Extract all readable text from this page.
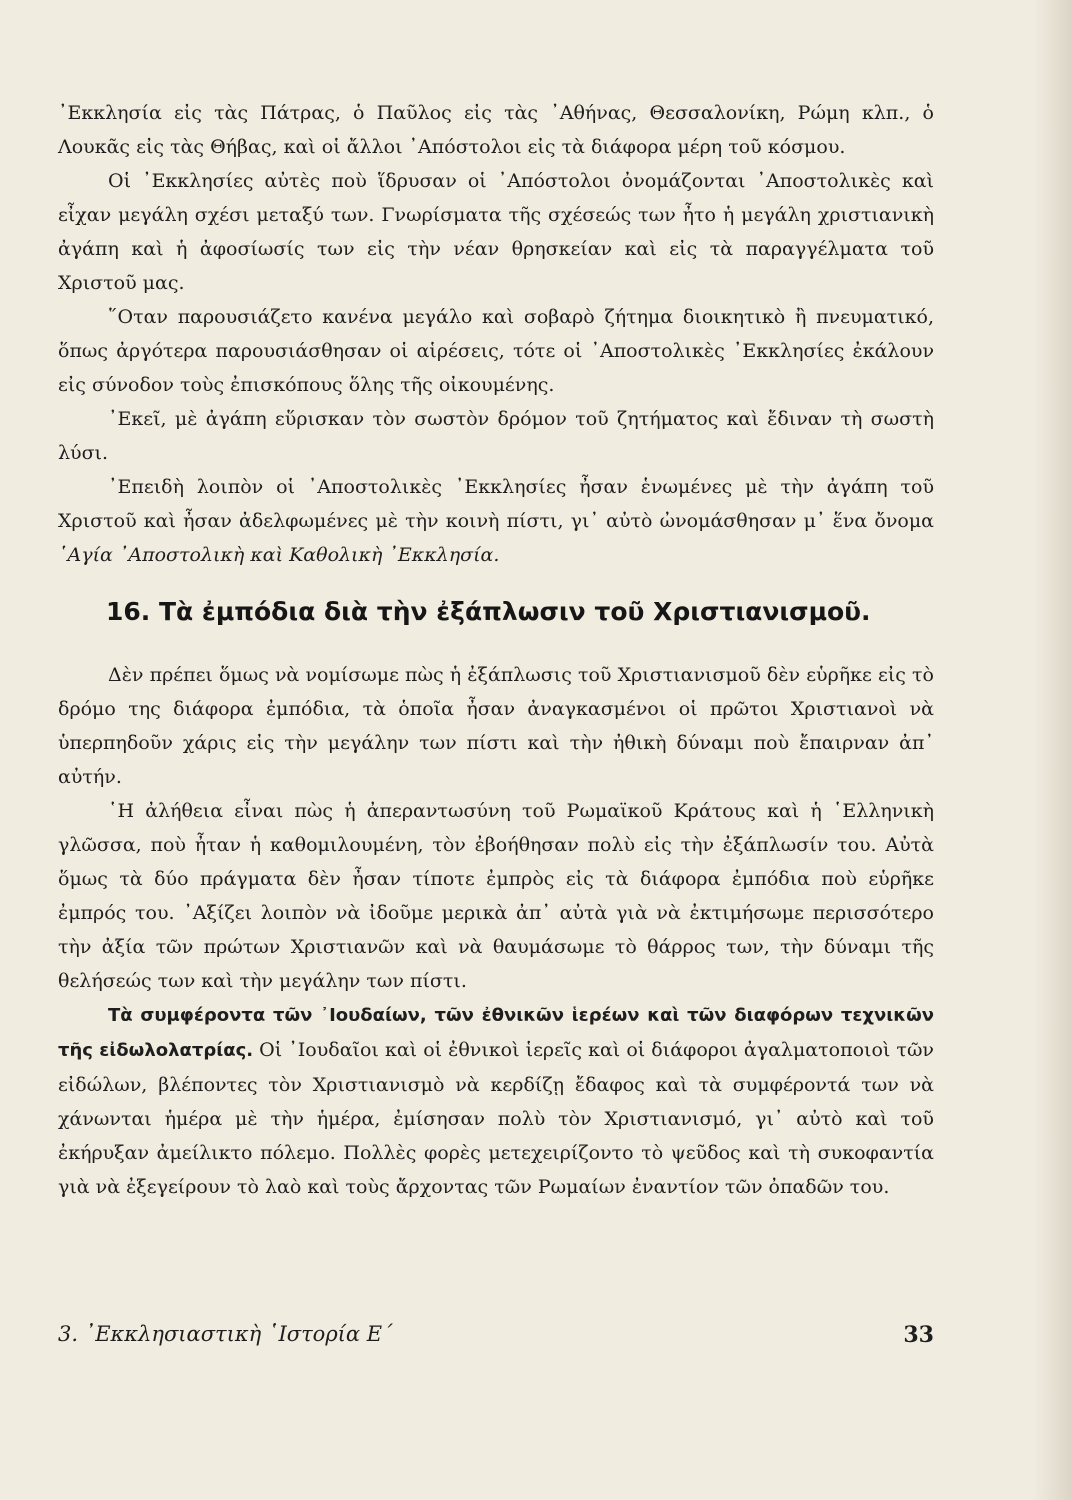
᾿Εκκλησία εἰς τὰς Πάτρας, ὁ Παῦλος εἰς τὰς ᾿Αθήνας, Θεσσαλονίκη, Ρώμη κλπ., ὁ Λουκᾶς εἰς τὰς Θήβας, καὶ οἱ ἄλλοι ᾿Απόστολοι εἰς τὰ διάφορα μέρη τοῦ κόσμου.

Οἱ ᾿Εκκλησίες αὐτὲς ποὺ ἵδρυσαν οἱ ᾿Απόστολοι ὀνομάζονται ᾿Αποστολικὲς καὶ εἶχαν μεγάλη σχέσι μεταξύ των. Γνωρίσματα τῆς σχέσεώς των ἦτο ἡ μεγάλη χριστιανικὴ ἀγάπη καὶ ἡ ἀφοσίωσίς των εἰς τὴν νέαν θρησκείαν καὶ εἰς τὰ παραγγέλματα τοῦ Χριστοῦ μας.

῞Οταν παρουσιάζετο κανένα μεγάλο καὶ σοβαρὸ ζήτημα διοικητικὸ ἢ πνευματικό, ὅπως ἀργότερα παρουσιάσθησαν οἱ αἱρέσεις, τότε οἱ ᾿Αποστολικὲς ᾿Εκκλησίες ἐκάλουν εἰς σύνοδον τοὺς ἐπισκόπους ὅλης τῆς οἰκουμένης.

᾿Εκεῖ, μὲ ἀγάπη εὕρισκαν τὸν σωστὸν δρόμον τοῦ ζητήματος καὶ ἔδιναν τὴ σωστὴ λύσι.

᾿Επειδὴ λοιπὸν οἱ ᾿Αποστολικὲς ᾿Εκκλησίες ἦσαν ἑνωμένες μὲ τὴν ἀγάπη τοῦ Χριστοῦ καὶ ἦσαν ἀδελφωμένες μὲ τὴν κοινὴ πίστι, γι᾿ αὐτὸ ὠνομάσθησαν μ᾿ ἕνα ὄνομα ῾Αγία ᾿Αποστολικὴ καὶ Καθολικὴ ᾿Εκκλησία.

16. Τὰ ἐμπόδια διὰ τὴν ἐξάπλωσιν τοῦ Χριστιανισμοῦ.

Δὲν πρέπει ὅμως νὰ νομίσωμε πὼς ἡ ἐξάπλωσις τοῦ Χριστιανισμοῦ δὲν εὑρῆκε εἰς τὸ δρόμο της διάφορα ἐμπόδια, τὰ ὁποῖα ἦσαν ἀναγκασμένοι οἱ πρῶτοι Χριστιανοὶ νὰ ὑπερπηδοῦν χάρις εἰς τὴν μεγάλην των πίστι καὶ τὴν ἠθικὴ δύναμι ποὺ ἔπαιρναν ἀπ᾿ αὐτήν.

῾Η ἀλήθεια εἶναι πὼς ἡ ἀπεραντωσύνη τοῦ Ρωμαϊκοῦ Κράτους καὶ ἡ ῾Ελληνικὴ γλῶσσα, ποὺ ἦταν ἡ καθομιλουμένη, τὸν ἐβοήθησαν πολὺ εἰς τὴν ἐξάπλωσίν του. Αὐτὰ ὅμως τὰ δύο πράγματα δὲν ἦσαν τίποτε ἐμπρὸς εἰς τὰ διάφορα ἐμπόδια ποὺ εὑρῆκε ἐμπρός του. ᾿Αξίζει λοιπὸν νὰ ἰδοῦμε μερικὰ ἀπ᾿ αὐτὰ γιὰ νὰ ἐκτιμήσωμε περισσότερο τὴν ἀξία τῶν πρώτων Χριστιανῶν καὶ νὰ θαυμάσωμε τὸ θάρρος των, τὴν δύναμι τῆς θελήσεώς των καὶ τὴν μεγάλην των πίστι.

Τὰ συμφέροντα τῶν ᾿Ιουδαίων, τῶν ἐθνικῶν ἱερέων καὶ τῶν διαφόρων τεχνικῶν τῆς εἰδωλολατρίας. Οἱ ᾿Ιουδαῖοι καὶ οἱ ἐθνικοὶ ἱερεῖς καὶ οἱ διάφοροι ἀγαλματοποιοὶ τῶν εἰδώλων, βλέποντες τὸν Χριστιανισμὸ νὰ κερδίζῃ ἔδαφος καὶ τὰ συμφέροντά των νὰ χάνωνται ἡμέρα μὲ τὴν ἡμέρα, ἐμίσησαν πολὺ τὸν Χριστιανισμό, γι᾿ αὐτὸ καὶ τοῦ ἐκήρυξαν ἀμείλικτο πόλεμο. Πολλὲς φορὲς μετεχειρίζοντο τὸ ψεῦδος καὶ τὴ συκοφαντία γιὰ νὰ ἐξεγείρουν τὸ λαὸ καὶ τοὺς ἄρχοντας τῶν Ρωμαίων ἐναντίον τῶν ὀπαδῶν του.

3. ᾿Εκκλησιαστικὴ ῾Ιστορία Ε΄	33
